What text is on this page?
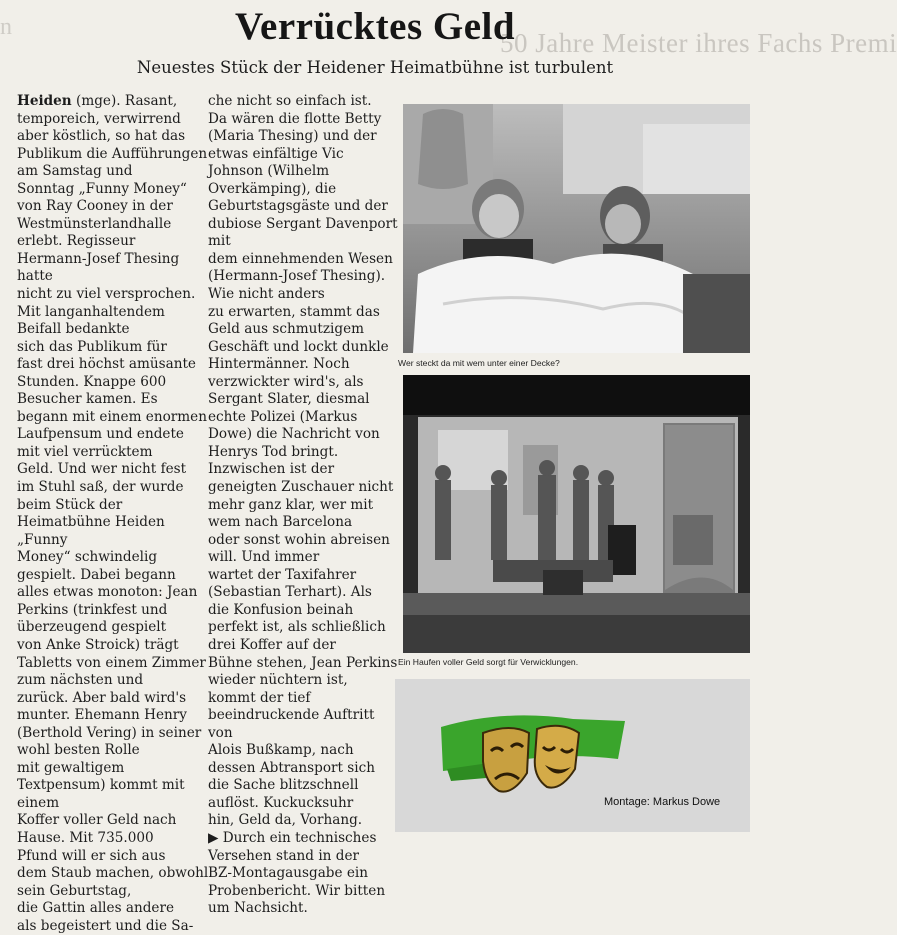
n
50 Jahre Meister ihres Fachs Premi
Verrücktes Geld
Neuestes Stück der Heidener Heimatbühne ist turbulent
Heiden (mge). Rasant,
temporeich, verwirrend
aber köstlich, so hat das
Publikum die Aufführungen am Samstag und
Sonntag „Funny Money“
von Ray Cooney in der
Westmünsterlandhalle
erlebt. Regisseur Hermann-Josef Thesing hatte
nicht zu viel versprochen. Mit langanhaltendem Beifall bedankte
sich das Publikum für
fast drei höchst amüsante
Stunden. Knappe 600
Besucher kamen. Es begann mit einem enormen
Laufpensum und endete
mit viel verrücktem
Geld. Und wer nicht fest
im Stuhl saß, der wurde
beim Stück der Heimatbühne Heiden „Funny
Money“ schwindelig gespielt. Dabei begann alles etwas monoton: Jean
Perkins (trinkfest und
überzeugend gespielt
von Anke Stroick) trägt
Tabletts von einem Zimmer zum nächsten und
zurück. Aber bald wird's
munter. Ehemann Henry
(Berthold Vering) in seiner wohl besten Rolle
mit gewaltigem Textpensum) kommt mit einem
Koffer voller Geld nach
Hause. Mit 735.000
Pfund will er sich aus
dem Staub machen, obwohl sein Geburtstag,
die Gattin alles andere
als begeistert und die Sa-
che nicht so einfach ist.
Da wären die flotte Betty
(Maria Thesing) und der
etwas einfältige Vic
Johnson (Wilhelm Overkämping), die Geburtstagsgäste und der dubiose Sergant Davenport mit
dem einnehmenden Wesen (Hermann-Josef Thesing). Wie nicht anders
zu erwarten, stammt das
Geld aus schmutzigem
Geschäft und lockt dunkle Hintermänner. Noch
verzwickter wird's, als
Sergant Slater, diesmal
echte Polizei (Markus
Dowe) die Nachricht von
Henrys Tod bringt. Inzwischen ist der geneigten Zuschauer nicht
mehr ganz klar, wer mit
wem nach Barcelona
oder sonst wohin abreisen will. Und immer
wartet der Taxifahrer
(Sebastian Terhart). Als
die Konfusion beinah
perfekt ist, als schließlich drei Koffer auf der
Bühne stehen, Jean Perkins wieder nüchtern ist,
kommt der tief beeindruckende Auftritt von
Alois Bußkamp, nach
dessen Abtransport sich
die Sache blitzschnell
auflöst. Kuckucksuhr
hin, Geld da, Vorhang.
▶ Durch ein technisches
Versehen stand in der
BZ-Montagausgabe ein
Probenbericht. Wir bitten um Nachsicht.
Wer steckt da mit wem unter einer Decke?
Ein Haufen voller Geld sorgt für Verwicklungen.
Montage: Markus Dowe
